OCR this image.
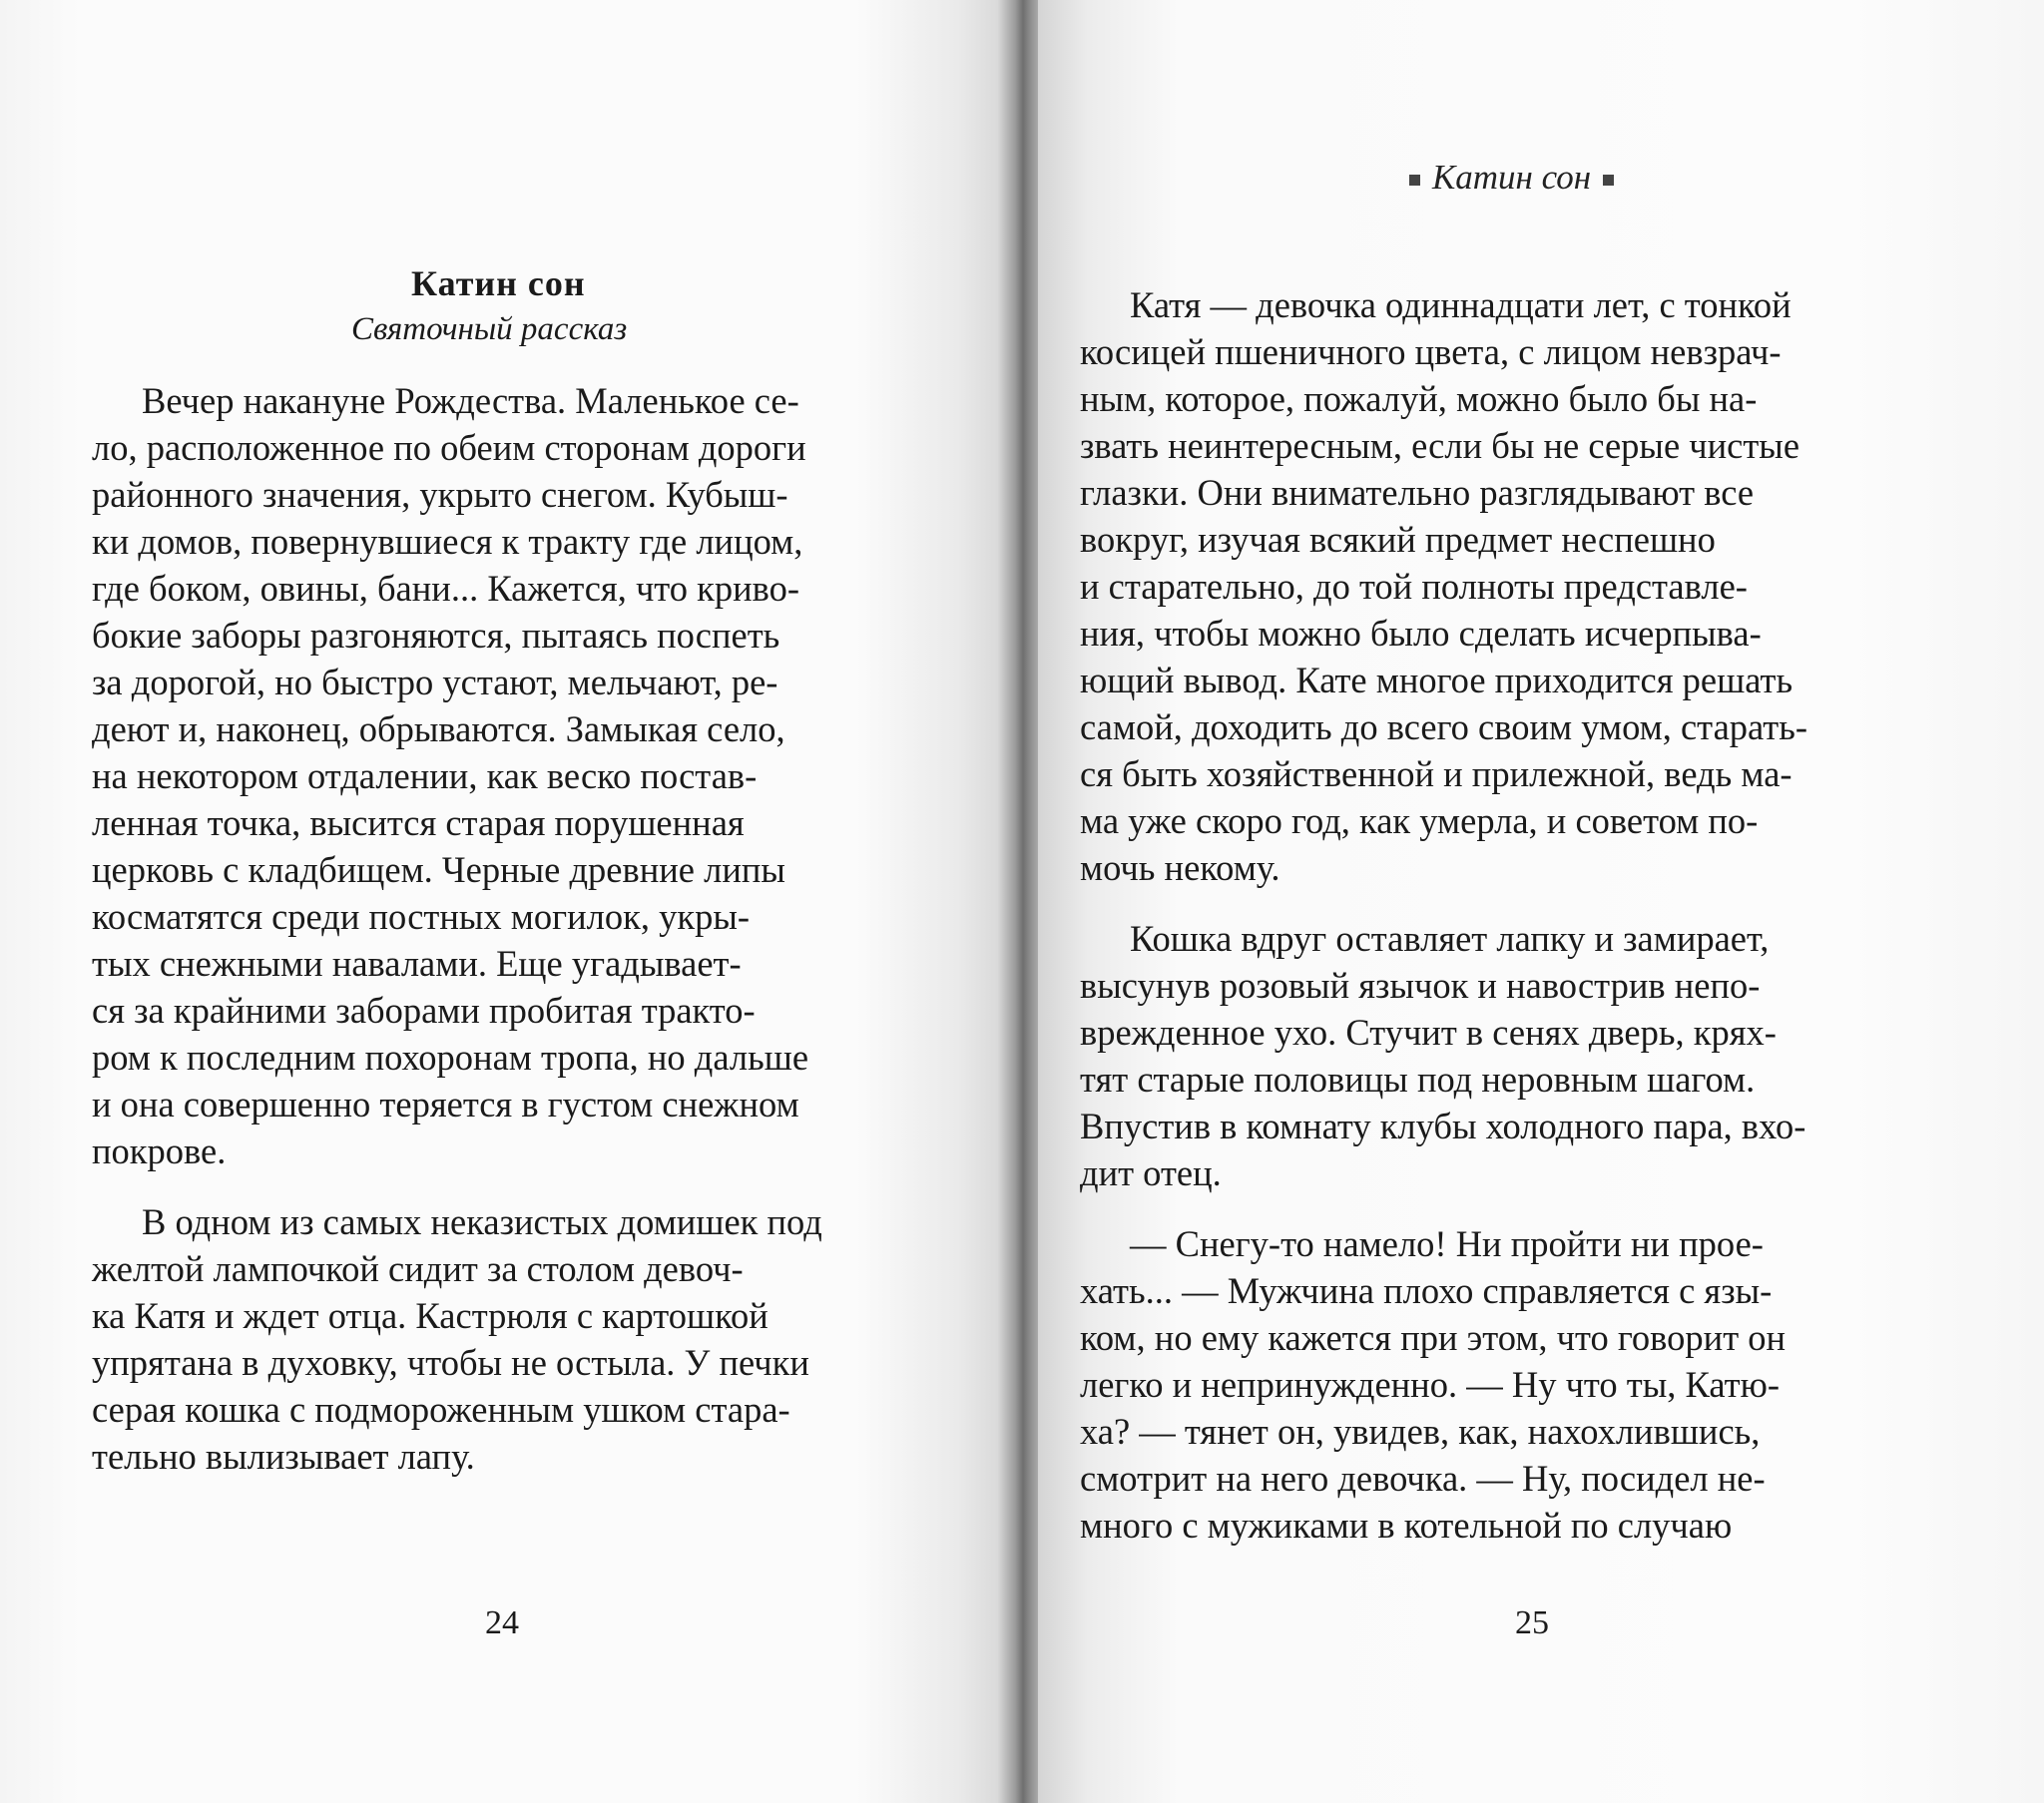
Катин сон
Святочный рассказ
Вечер накануне Рождества. Маленькое се-
ло, расположенное по обеим сторонам дороги
районного значения, укрыто снегом. Кубыш-
ки домов, повернувшиеся к тракту где лицом,
где боком, овины, бани... Кажется, что криво-
бокие заборы разгоняются, пытаясь поспеть
за дорогой, но быстро устают, мельчают, ре-
деют и, наконец, обрываются. Замыкая село,
на некотором отдалении, как веско постав-
ленная точка, высится старая порушенная
церковь с кладбищем. Черные древние липы
косматятся среди постных могилок, укры-
тых снежными навалами. Еще угадывает-
ся за крайними заборами пробитая тракто-
ром к последним похоронам тропа, но дальше
и она совершенно теряется в густом снежном
покрове.
В одном из самых неказистых домишек под
желтой лампочкой сидит за столом девоч-
ка Катя и ждет отца. Кастрюля с картошкой
упрятана в духовку, чтобы не остыла. У печки
серая кошка с подмороженным ушком стара-
тельно вылизывает лапу.
24
Катин сон
Катя — девочка одиннадцати лет, с тонкой
косицей пшеничного цвета, с лицом невзрач-
ным, которое, пожалуй, можно было бы на-
звать неинтересным, если бы не серые чистые
глазки. Они внимательно разглядывают все
вокруг, изучая всякий предмет неспешно
и старательно, до той полноты представле-
ния, чтобы можно было сделать исчерпыва-
ющий вывод. Кате многое приходится решать
самой, доходить до всего своим умом, старать-
ся быть хозяйственной и прилежной, ведь ма-
ма уже скоро год, как умерла, и советом по-
мочь некому.
Кошка вдруг оставляет лапку и замирает,
высунув розовый язычок и навострив непо-
врежденное ухо. Стучит в сенях дверь, крях-
тят старые половицы под неровным шагом.
Впустив в комнату клубы холодного пара, вхо-
дит отец.
— Снегу-то намело! Ни пройти ни прое-
хать... — Мужчина плохо справляется с язы-
ком, но ему кажется при этом, что говорит он
легко и непринужденно. — Ну что ты, Катю-
ха? — тянет он, увидев, как, нахохлившись,
смотрит на него девочка. — Ну, посидел не-
много с мужиками в котельной по случаю
25
